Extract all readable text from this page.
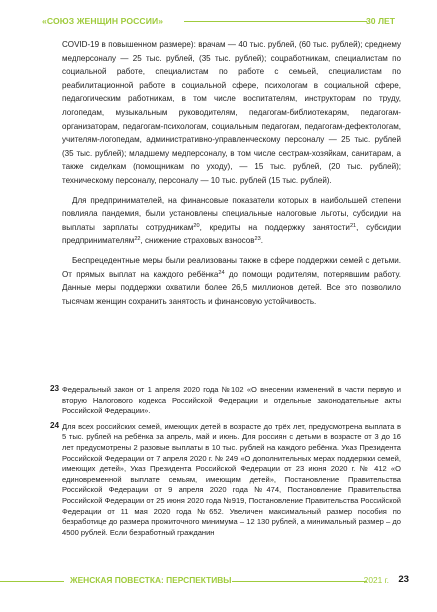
«СОЮЗ ЖЕНЩИН РОССИИ»	30 ЛЕТ

COVID-19 в повышенном размере): врачам — 40 тыс. рублей, (60 тыс. рублей); среднему медперсоналу — 25 тыс. рублей, (35 тыс. рублей); соцработникам, специалистам по социальной работе, специалистам по работе с семьей, специалистам по реабилитационной работе в социальной сфере, психологам в социальной сфере, педагогическим работникам, в том числе воспитателям, инструкторам по труду, логопедам, музыкальным руководителям, педагогам-библиотекарям, педагогам-организаторам, педагогам-психологам, социальным педагогам, педагогам-дефектологам, учителям-логопедам, административно-управленческому персоналу — 25 тыс. рублей (35 тыс. рублей); младшему медперсоналу, в том числе сестрам-хозяйкам, санитарам, а также сиделкам (помощникам по уходу), — 15 тыс. рублей, (20 тыс. рублей); техническому персоналу, персоналу — 10 тыс. рублей (15 тыс. рублей).

Для предпринимателей, на финансовые показатели которых в наибольшей степени повлияла пандемия, были установлены специальные налоговые льготы, субсидии на выплаты зарплаты сотрудникам$^{20}$, кредиты на поддержку занятости$^{21}$, субсидии предпринимателям$^{22}$, снижение страховых взносов$^{23}$.

Беспрецедентные меры были реализованы также в сфере поддержки семей с детьми. От прямых выплат на каждого ребёнка$^{24}$ до помощи родителям, потерявшим работу. Данные меры поддержки охватили более 26,5 миллионов детей. Все это позволило тысячам женщин сохранить занятость и финансовую устойчивость.

23 Федеральный закон от 1 апреля 2020 года №102 «О внесении изменений в части первую и вторую Налогового кодекса Российской Федерации и отдельные законодательные акты Российской Федерации».
24 Для всех российских семей, имеющих детей в возрасте до трёх лет, предусмотрена выплата в 5 тыс. рублей на ребёнка за апрель, май и июнь. Для россиян с детьми в возрасте от 3 до 16 лет предусмотрены 2 разовые выплаты в 10 тыс. рублей на каждого ребёнка. Указ Президента Российской Федерации от 7 апреля 2020 г. № 249 «О дополнительных мерах поддержки семей, имеющих детей», Указ Президента Российской Федерации от 23 июня 2020 г. № 412 «О единовременной выплате семьям, имеющим детей», Постановление Правительства Российской Федерации от 9 апреля 2020 года №474, Постановление Правительства Российской Федерации от 25 июня 2020 года №919, Постановление Правительства Российской Федерации от 11 мая 2020 года №652. Увеличен максимальный размер пособия по безработице до размера прожиточного минимума – 12 130 рублей, а минимальный размер – до 4500 рублей. Если безработный гражданин
ЖЕНСКАЯ ПОВЕСТКА: ПЕРСПЕКТИВЫ	2021 г. 23
